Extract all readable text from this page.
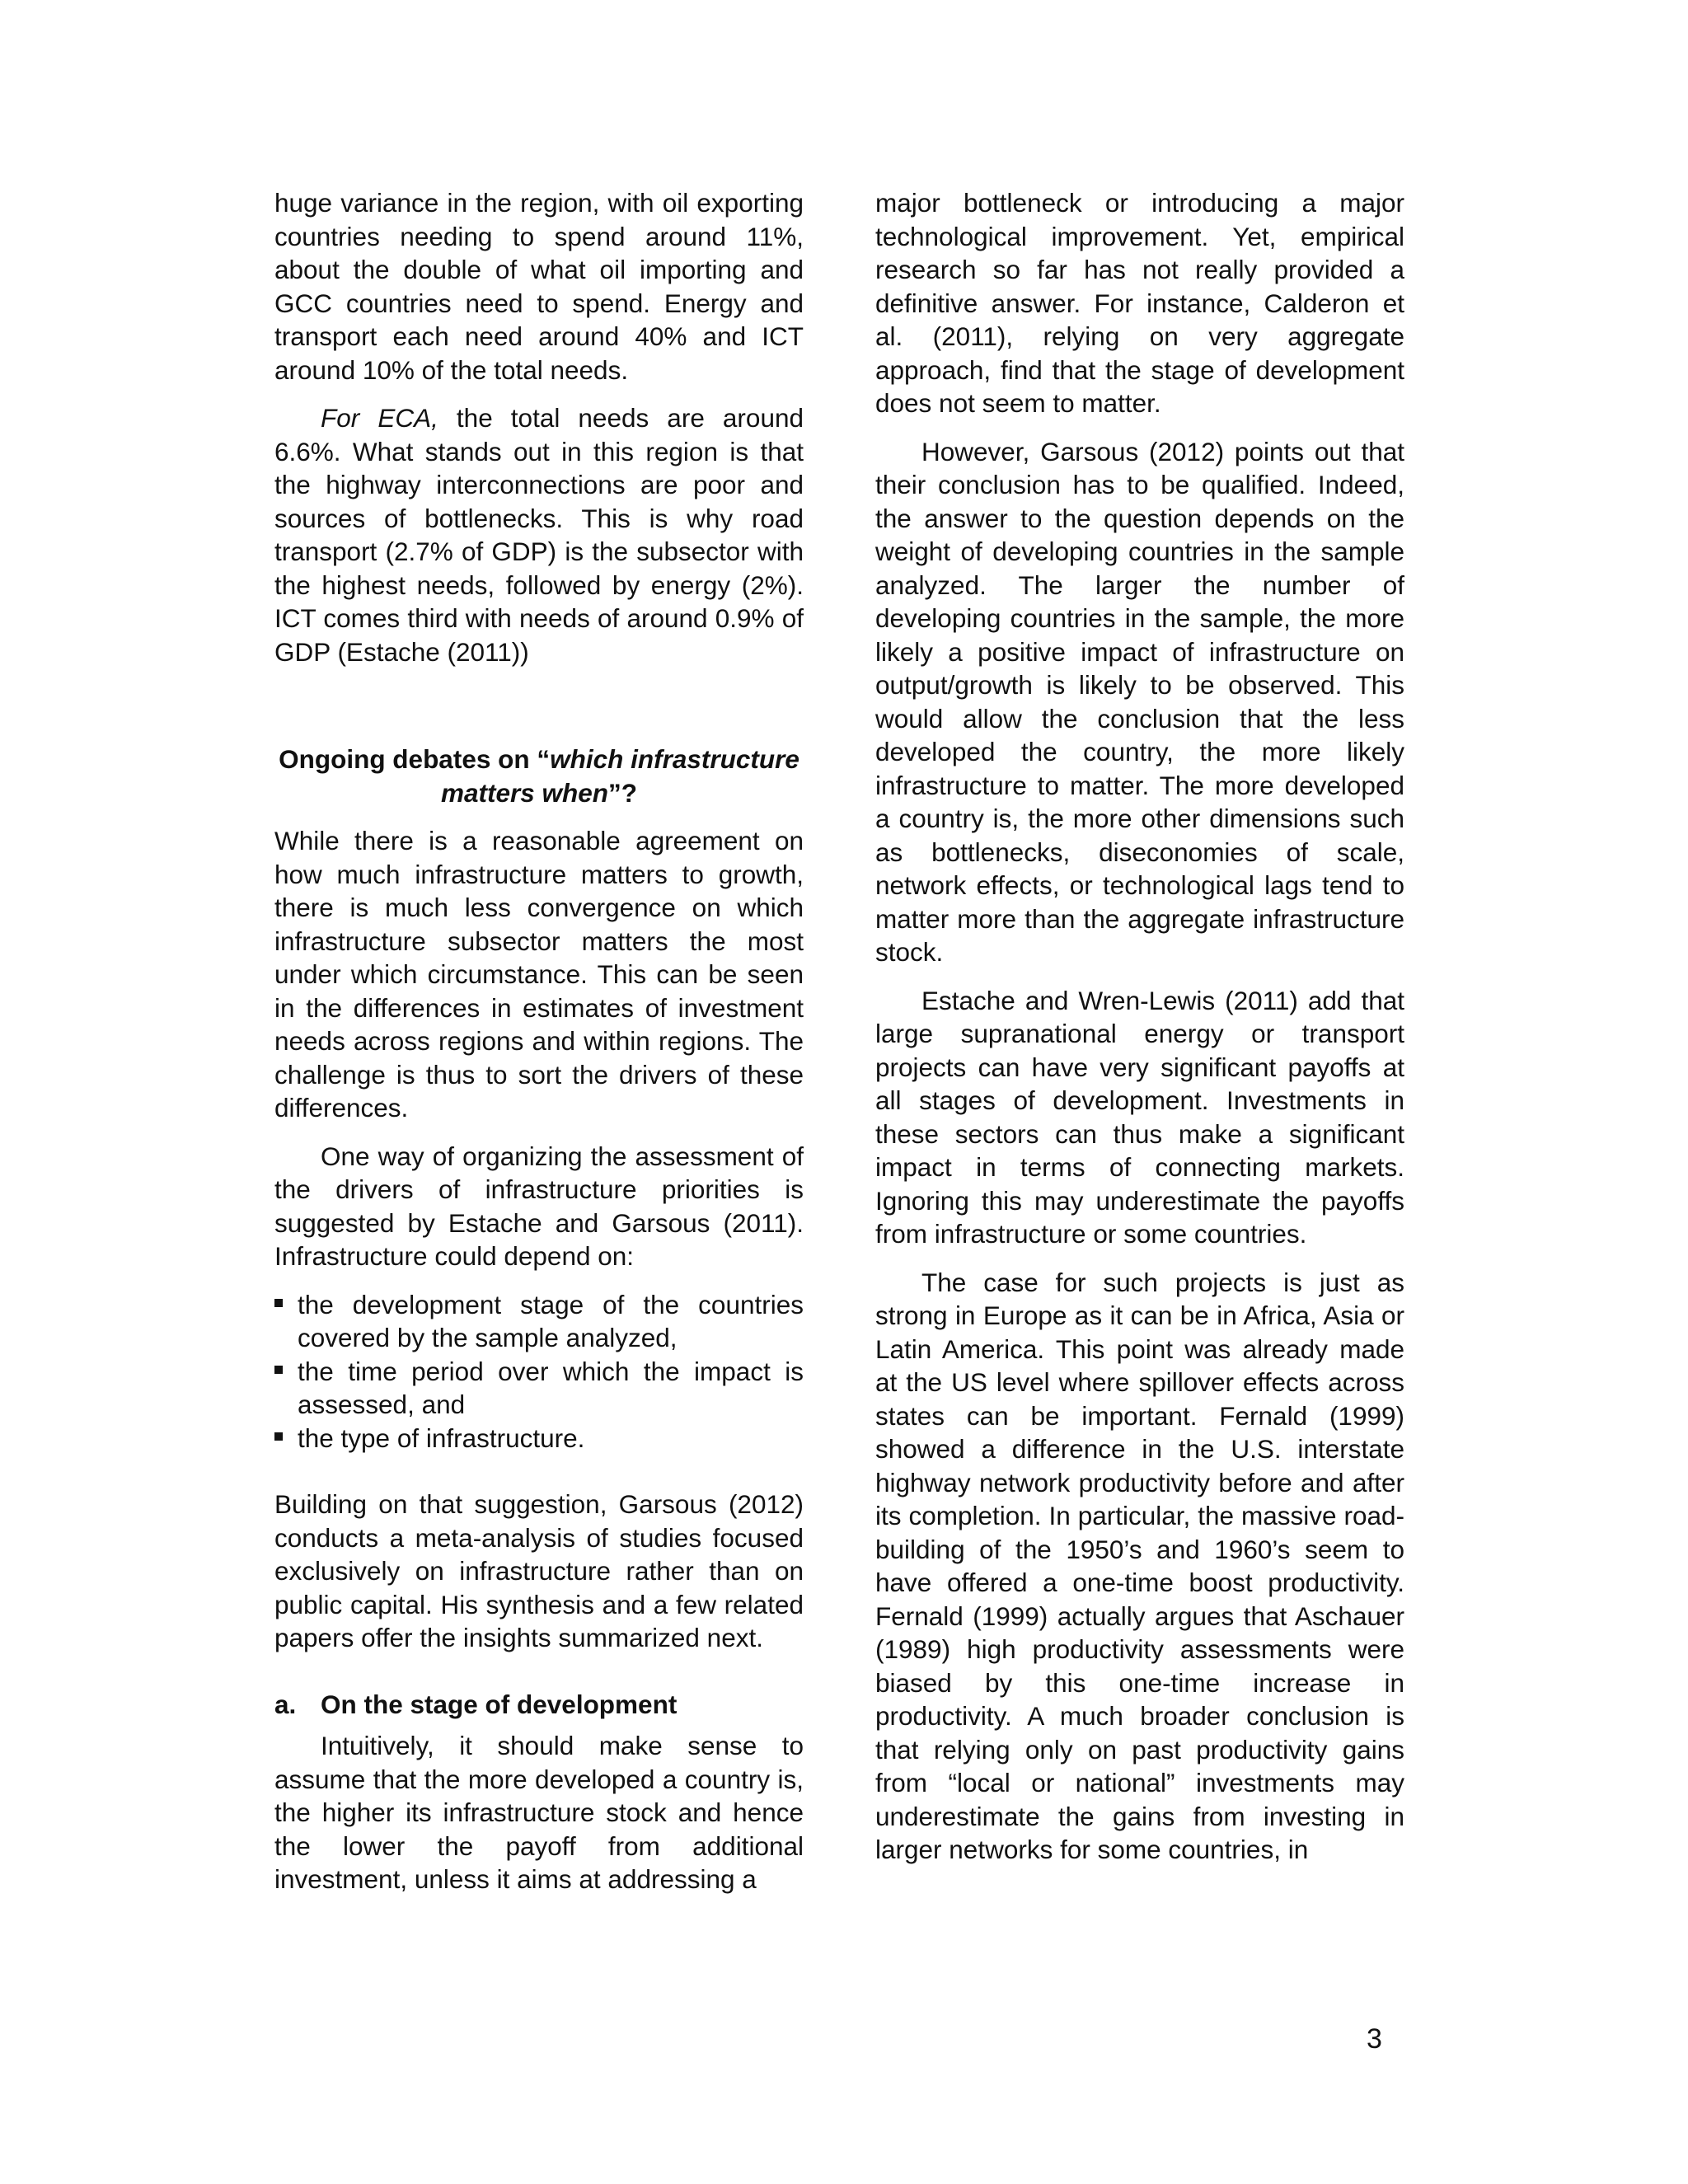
huge variance in the region, with oil exporting countries needing to spend around 11%, about the double of what oil importing and GCC countries need to spend. Energy and transport each need around 40% and ICT around 10% of the total needs.

For ECA, the total needs are around 6.6%. What stands out in this region is that the highway interconnections are poor and sources of bottlenecks. This is why road transport (2.7% of GDP) is the subsector with the highest needs, followed by energy (2%). ICT comes third with needs of around 0.9% of GDP (Estache (2011))

Ongoing debates on “which infrastructure matters when”?

While there is a reasonable agreement on how much infrastructure matters to growth, there is much less convergence on which infrastructure subsector matters the most under which circumstance. This can be seen in the differences in estimates of investment needs across regions and within regions. The challenge is thus to sort the drivers of these differences.

One way of organizing the assessment of the drivers of infrastructure priorities is suggested by Estache and Garsous (2011). Infrastructure could depend on:

the development stage of the countries covered by the sample analyzed,
the time period over which the impact is assessed, and
the type of infrastructure.

Building on that suggestion, Garsous (2012) conducts a meta-analysis of studies focused exclusively on infrastructure rather than on public capital. His synthesis and a few related papers offer the insights summarized next.

a. On the stage of development

Intuitively, it should make sense to assume that the more developed a country is, the higher its infrastructure stock and hence the lower the payoff from additional investment, unless it aims at addressing a

major bottleneck or introducing a major technological improvement. Yet, empirical research so far has not really provided a definitive answer. For instance, Calderon et al. (2011), relying on very aggregate approach, find that the stage of development does not seem to matter.

However, Garsous (2012) points out that their conclusion has to be qualified. Indeed, the answer to the question depends on the weight of developing countries in the sample analyzed. The larger the number of developing countries in the sample, the more likely a positive impact of infrastructure on output/growth is likely to be observed. This would allow the conclusion that the less developed the country, the more likely infrastructure to matter. The more developed a country is, the more other dimensions such as bottlenecks, diseconomies of scale, network effects, or technological lags tend to matter more than the aggregate infrastructure stock.

Estache and Wren-Lewis (2011) add that large supranational energy or transport projects can have very significant payoffs at all stages of development. Investments in these sectors can thus make a significant impact in terms of connecting markets. Ignoring this may underestimate the payoffs from infrastructure or some countries.

The case for such projects is just as strong in Europe as it can be in Africa, Asia or Latin America. This point was already made at the US level where spillover effects across states can be important. Fernald (1999) showed a difference in the U.S. interstate highway network productivity before and after its completion. In particular, the massive road-building of the 1950’s and 1960’s seem to have offered a one-time boost productivity. Fernald (1999) actually argues that Aschauer (1989) high productivity assessments were biased by this one-time increase in productivity. A much broader conclusion is that relying only on past productivity gains from “local or national” investments may underestimate the gains from investing in larger networks for some countries, in

3
